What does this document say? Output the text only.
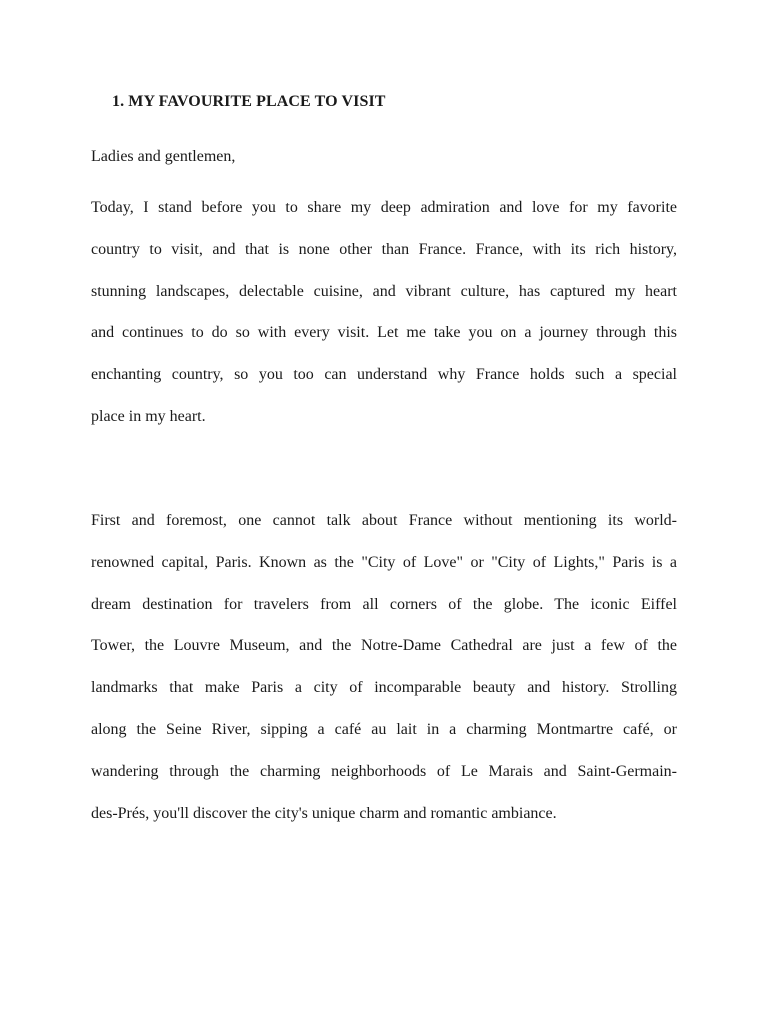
1. MY FAVOURITE PLACE TO VISIT
Ladies and gentlemen,
Today, I stand before you to share my deep admiration and love for my favorite
country to visit, and that is none other than France. France, with its rich history,
stunning landscapes, delectable cuisine, and vibrant culture, has captured my heart
and continues to do so with every visit. Let me take you on a journey through this
enchanting country, so you too can understand why France holds such a special
place in my heart.
First and foremost, one cannot talk about France without mentioning its world-
renowned capital, Paris. Known as the "City of Love" or "City of Lights," Paris is a
dream destination for travelers from all corners of the globe. The iconic Eiffel
Tower, the Louvre Museum, and the Notre-Dame Cathedral are just a few of the
landmarks that make Paris a city of incomparable beauty and history. Strolling
along the Seine River, sipping a café au lait in a charming Montmartre café, or
wandering through the charming neighborhoods of Le Marais and Saint-Germain-
des-Prés, you'll discover the city's unique charm and romantic ambiance.
